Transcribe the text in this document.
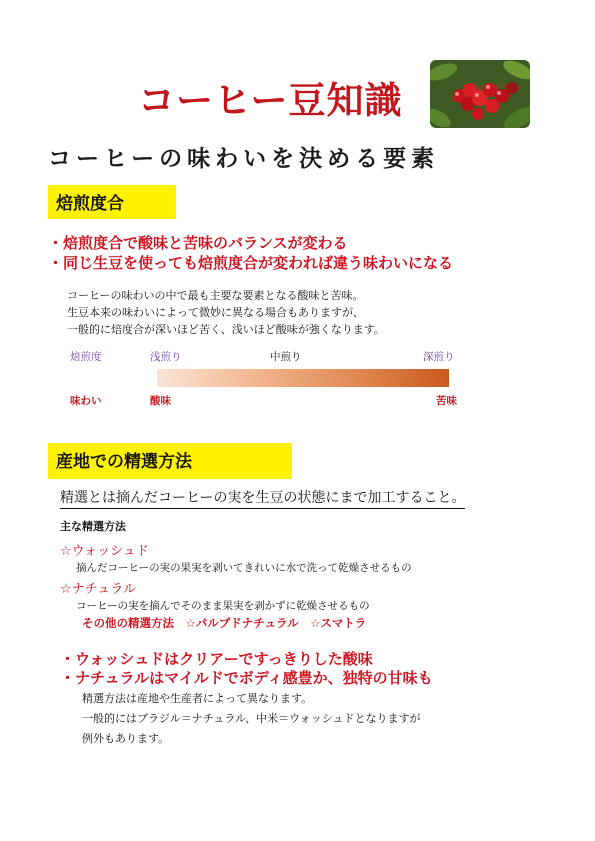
コーヒー豆知識
コーヒーの味わいを決める要素
焙煎度合
・焙煎度合で酸味と苦味のバランスが変わる
・同じ生豆を使っても焙煎度合が変われば違う味わいになる
コーヒーの味わいの中で最も主要な要素となる酸味と苦味。
生豆本来の味わいによって微妙に異なる場合もありますが、
一般的に焙度合が深いほど苦く、浅いほど酸味が強くなります。
焙煎度	浅煎り	中煎り	深煎り
味わい	酸味	苦味
産地での精選方法
精選とは摘んだコーヒーの実を生豆の状態にまで加工すること。
主な精選方法
☆ウォッシュド
摘んだコーヒーの実の果実を剥いてきれいに水で洗って乾燥させるもの
☆ナチュラル
コーヒーの実を摘んでそのまま果実を剥かずに乾燥させるもの
その他の精選方法　☆パルプドナチュラル　☆スマトラ
・ウォッシュドはクリアーですっきりした酸味
・ナチュラルはマイルドでボディ感豊か、独特の甘味も
精選方法は産地や生産者によって異なります。
一般的にはブラジル＝ナチュラル、中米＝ウォッシュドとなりますが
例外もあります。
